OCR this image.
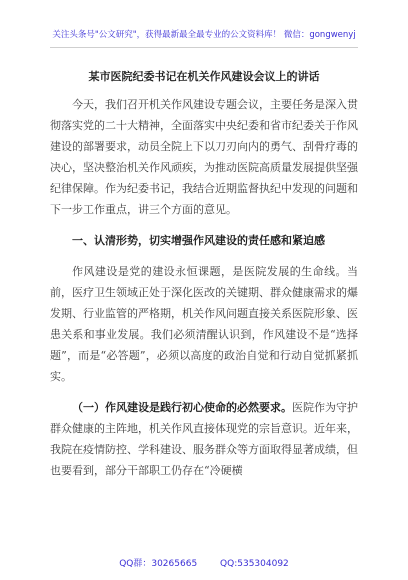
关注头条号"公文研究"，获得最新最全最专业的公文资料库！ 微信：gongwenyj
某市医院纪委书记在机关作风建设会议上的讲话

今天，我们召开机关作风建设专题会议，主要任务是深入贯彻落实党的二十大精神，全面落实中央纪委和省市纪委关于作风建设的部署要求，动员全院上下以刀刃向内的勇气、刮骨疗毒的决心，坚决整治机关作风顽疾，为推动医院高质量发展提供坚强纪律保障。作为纪委书记，我结合近期监督执纪中发现的问题和下一步工作重点，讲三个方面的意见。

一、认清形势，切实增强作风建设的责任感和紧迫感

作风建设是党的建设永恒课题，是医院发展的生命线。当前，医疗卫生领域正处于深化医改的关键期、群众健康需求的爆发期、行业监管的严格期，机关作风问题直接关系医院形象、医患关系和事业发展。我们必须清醒认识到，作风建设不是“选择题”，而是“必答题”，必须以高度的政治自觉和行动自觉抓紧抓实。

（一）作风建设是践行初心使命的必然要求。医院作为守护群众健康的主阵地，机关作风直接体现党的宗旨意识。近年来，我院在疫情防控、学科建设、服务群众等方面取得显著成绩，但也要看到，部分干部职工仍存在“冷硬横

QQ群：30265665	QQ:535304092
